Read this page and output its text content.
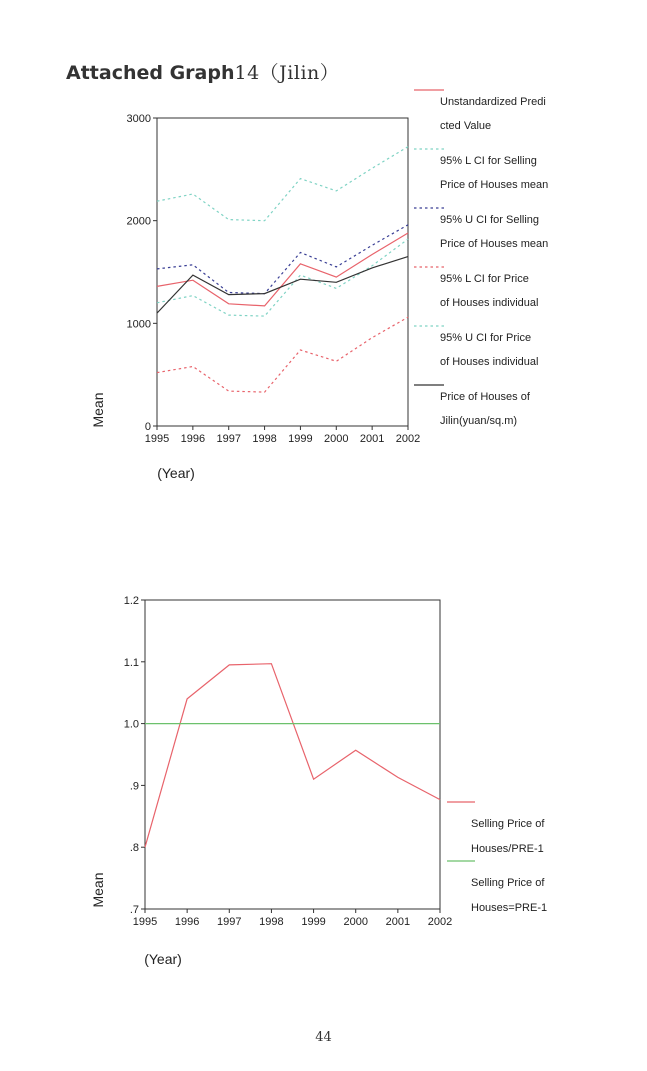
Attached Graph14（Jilin）
0
1000
2000
3000
1995 1996 1997 1998 1999 2000 2001 2002
(Year)
Mean
Unstandardized Predi
cted Value
95% L CI for Selling
Price of Houses mean
95% U CI for Selling
Price of Houses mean
95% L CI for Price
of Houses individual
95% U CI for Price
of Houses individual
Price of Houses of
Jilin(yuan/sq.m)
.7
.8
.9
1.0
1.1
1.2
1995 1996 1997 1998 1999 2000 2001 2002
(Year)
Mean
Selling Price of
Houses/PRE-1
Selling Price of
Houses=PRE-1
44
